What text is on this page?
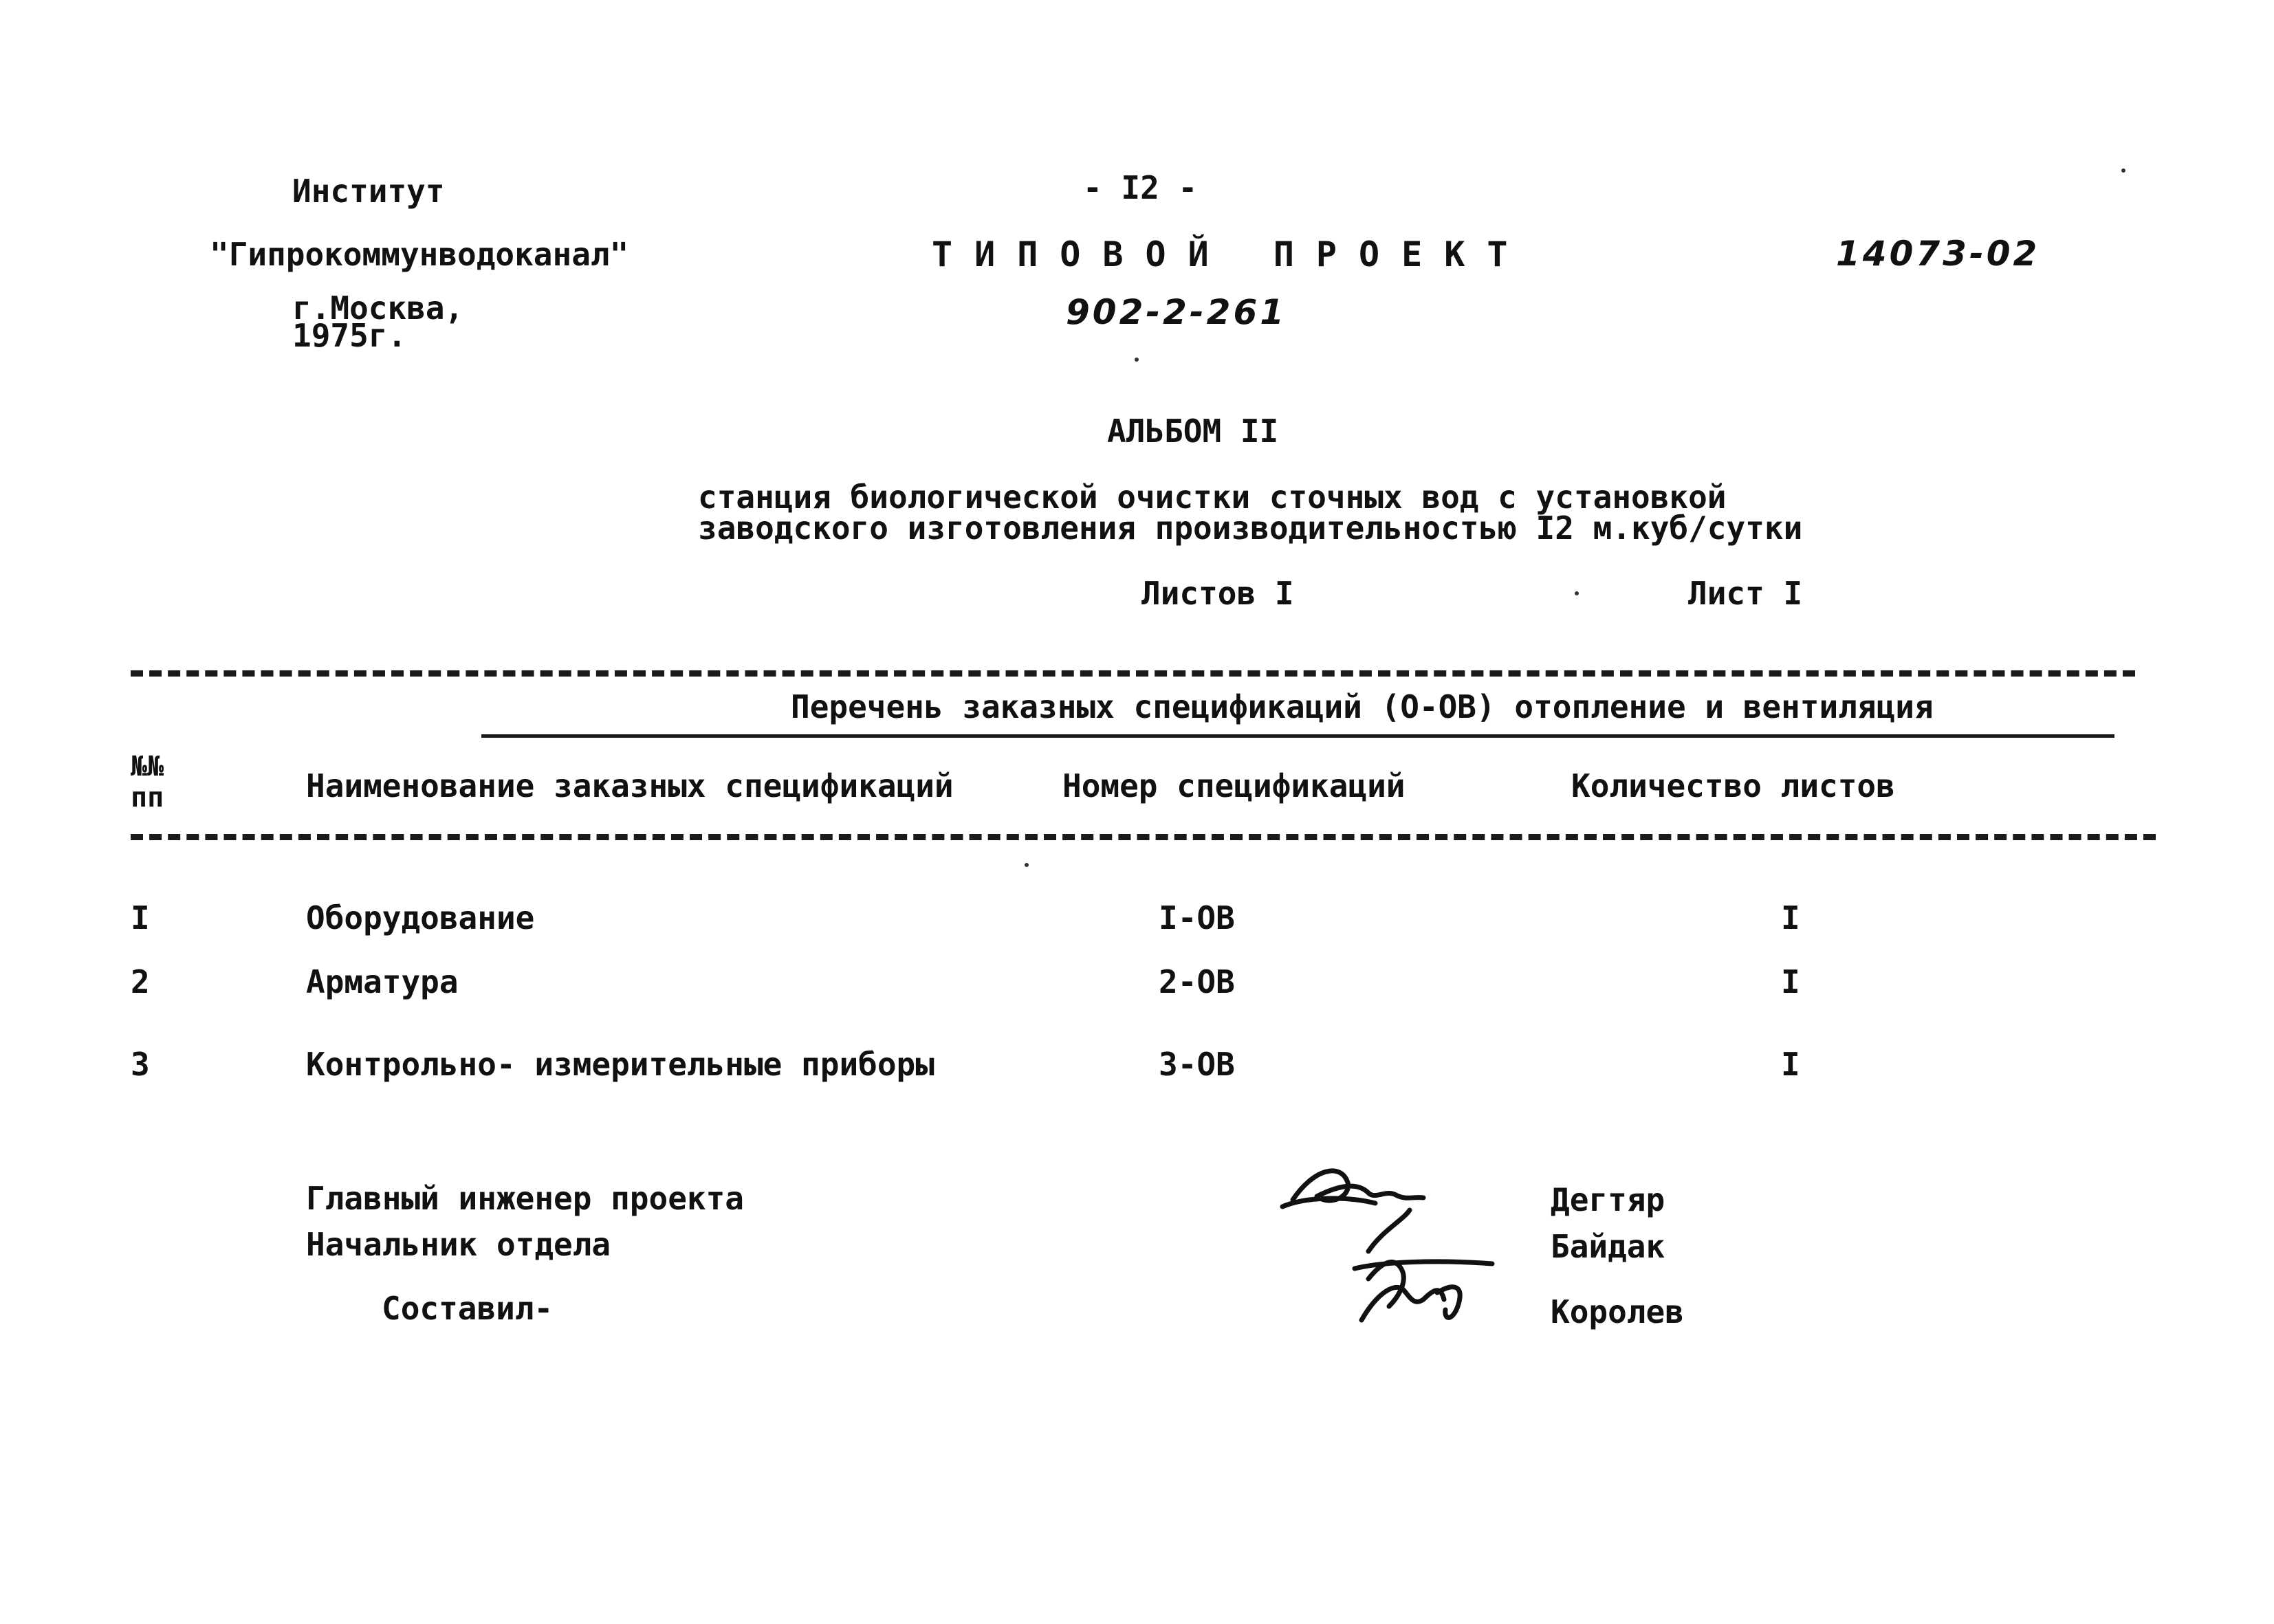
Институт
"Гипрокоммунводоканал"
г.Москва,
1975г.
- I2 -
ТИПОВОЙ ПРОЕКТ
902-2-261
14073-02
АЛЬБОМ II
станция биологической очистки сточных вод с установкой
заводского изготовления производительностью I2 м.куб/сутки
Листов I	Лист I
Перечень заказных спецификаций (О-ОВ) отопление и вентиляция
№№
пп	Наименование заказных спецификаций	Номер спецификаций	Количество листов
I	Оборудование	I-ОВ	I
2	Арматура	2-ОВ	I
3	Контрольно- измерительные приборы	3-ОВ	I
Главный инженер проекта
Начальник отдела
Составил-
Дегтяр
Байдак
Королев
